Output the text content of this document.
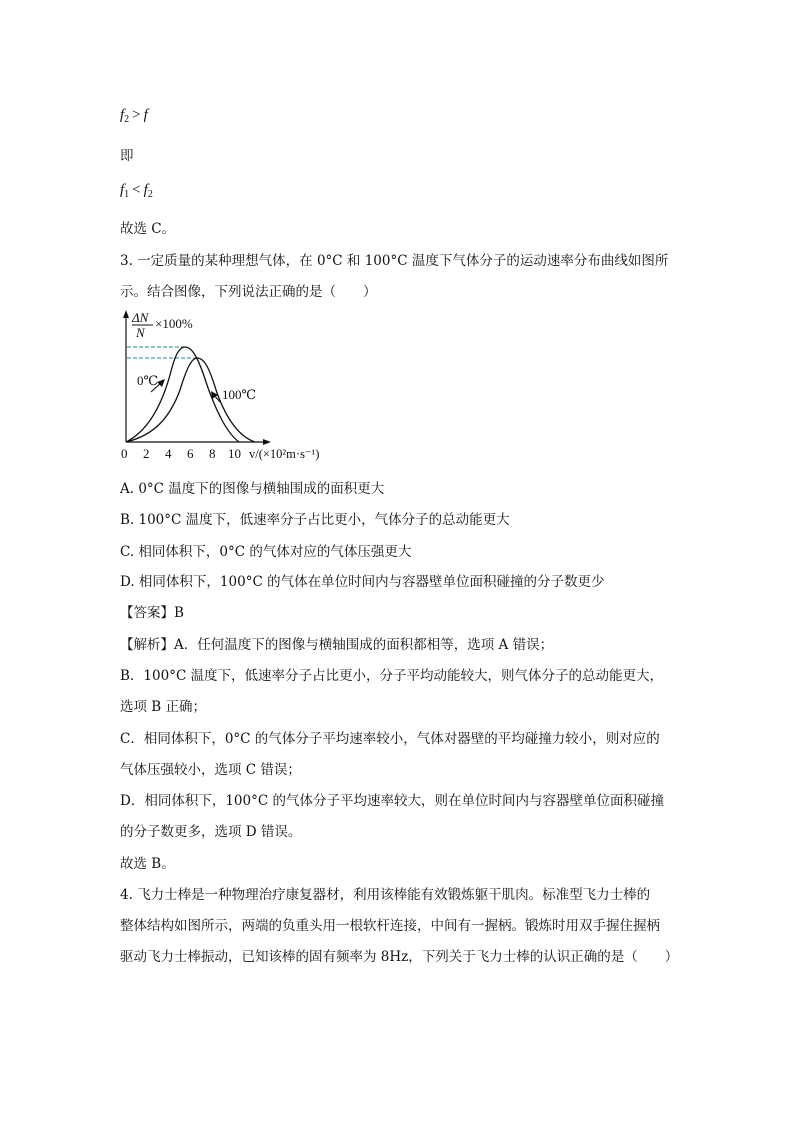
$f_2 > f$
即
$f_1 < f_2$
故选 C。
3. 一定质量的某种理想气体，在 0°C 和 100°C 温度下气体分子的运动速率分布曲线如图所
示。结合图像，下列说法正确的是（　　）
ΔN
N
×100%
0℃
100℃
0 2 4 6 8 10 v/(×10²m·s⁻¹)
A. 0°C 温度下的图像与横轴围成的面积更大
B. 100°C 温度下，低速率分子占比更小，气体分子的总动能更大
C. 相同体积下，0°C 的气体对应的气体压强更大
D. 相同体积下，100°C 的气体在单位时间内与容器壁单位面积碰撞的分子数更少
【答案】B
【解析】A．任何温度下的图像与横轴围成的面积都相等，选项 A 错误；
B．100°C 温度下，低速率分子占比更小，分子平均动能较大，则气体分子的总动能更大，
选项 B 正确；
C．相同体积下，0°C 的气体分子平均速率较小，气体对器壁的平均碰撞力较小，则对应的
气体压强较小，选项 C 错误；
D．相同体积下，100°C 的气体分子平均速率较大，则在单位时间内与容器壁单位面积碰撞
的分子数更多，选项 D 错误。
故选 B。
4. 飞力士棒是一种物理治疗康复器材，利用该棒能有效锻炼躯干肌肉。标准型飞力士棒的
整体结构如图所示，两端的负重头用一根软杆连接，中间有一握柄。锻炼时用双手握住握柄
驱动飞力士棒振动，已知该棒的固有频率为 8Hz，下列关于飞力士棒的认识正确的是（　　）
